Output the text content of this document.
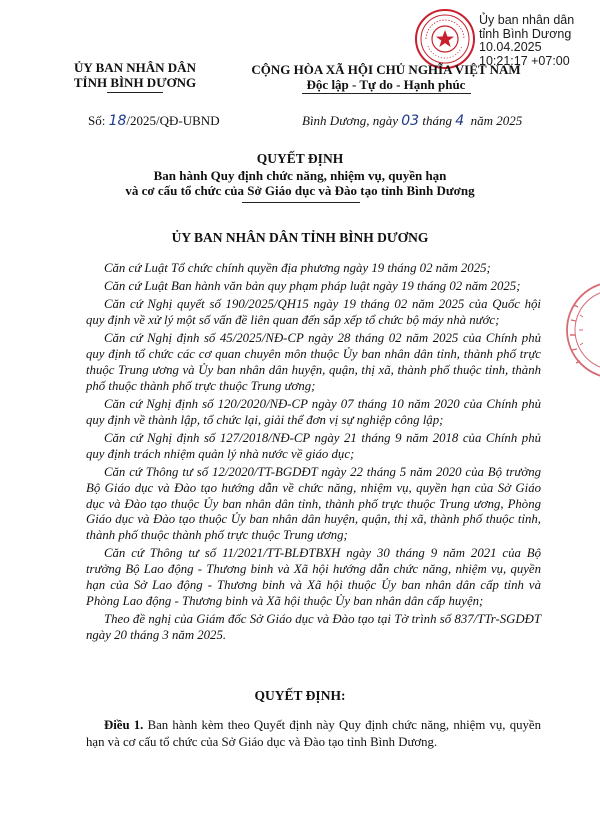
Ủy ban nhân dân tỉnh Bình Dương
10.04.2025
10:21:17 +07:00
ỦY BAN NHÂN DÂN
TỈNH BÌNH DƯƠNG
CỘNG HÒA XÃ HỘI CHỦ NGHĨA VIỆT NAM
Độc lập - Tự do - Hạnh phúc
Số: 18/2025/QĐ-UBND	Bình Dương, ngày 03 tháng 4 năm 2025
QUYẾT ĐỊNH
Ban hành Quy định chức năng, nhiệm vụ, quyền hạn
và cơ cấu tổ chức của Sở Giáo dục và Đào tạo tỉnh Bình Dương
ỦY BAN NHÂN DÂN TỈNH BÌNH DƯƠNG

Căn cứ Luật Tổ chức chính quyền địa phương ngày 19 tháng 02 năm 2025;

Căn cứ Luật Ban hành văn bản quy phạm pháp luật ngày 19 tháng 02 năm 2025;

Căn cứ Nghị quyết số 190/2025/QH15 ngày 19 tháng 02 năm 2025 của Quốc hội quy định về xử lý một số vấn đề liên quan đến sắp xếp tổ chức bộ máy nhà nước;

Căn cứ Nghị định số 45/2025/NĐ-CP ngày 28 tháng 02 năm 2025 của Chính phủ quy định tổ chức các cơ quan chuyên môn thuộc Ủy ban nhân dân tỉnh, thành phố trực thuộc Trung ương và Ủy ban nhân dân huyện, quận, thị xã, thành phố thuộc tỉnh, thành phố thuộc thành phố trực thuộc Trung ương;

Căn cứ Nghị định số 120/2020/NĐ-CP ngày 07 tháng 10 năm 2020 của Chính phủ quy định về thành lập, tổ chức lại, giải thể đơn vị sự nghiệp công lập;

Căn cứ Nghị định số 127/2018/NĐ-CP ngày 21 tháng 9 năm 2018 của Chính phủ quy định trách nhiệm quản lý nhà nước về giáo dục;

Căn cứ Thông tư số 12/2020/TT-BGDĐT ngày 22 tháng 5 năm 2020 của Bộ trưởng Bộ Giáo dục và Đào tạo hướng dẫn về chức năng, nhiệm vụ, quyền hạn của Sở Giáo dục và Đào tạo thuộc Ủy ban nhân dân tỉnh, thành phố trực thuộc Trung ương, Phòng Giáo dục và Đào tạo thuộc Ủy ban nhân dân huyện, quận, thị xã, thành phố thuộc tỉnh, thành phố thuộc thành phố trực thuộc Trung ương;

Căn cứ Thông tư số 11/2021/TT-BLĐTBXH ngày 30 tháng 9 năm 2021 của Bộ trưởng Bộ Lao động - Thương binh và Xã hội hướng dẫn chức năng, nhiệm vụ, quyền hạn của Sở Lao động - Thương binh và Xã hội thuộc Ủy ban nhân dân cấp tỉnh và Phòng Lao động - Thương binh và Xã hội thuộc Ủy ban nhân dân cấp huyện;

Theo đề nghị của Giám đốc Sở Giáo dục và Đào tạo tại Tờ trình số 837/TTr-SGDĐT ngày 20 tháng 3 năm 2025.

QUYẾT ĐỊNH:

Điều 1. Ban hành kèm theo Quyết định này Quy định chức năng, nhiệm vụ, quyền hạn và cơ cấu tổ chức của Sở Giáo dục và Đào tạo tỉnh Bình Dương.
